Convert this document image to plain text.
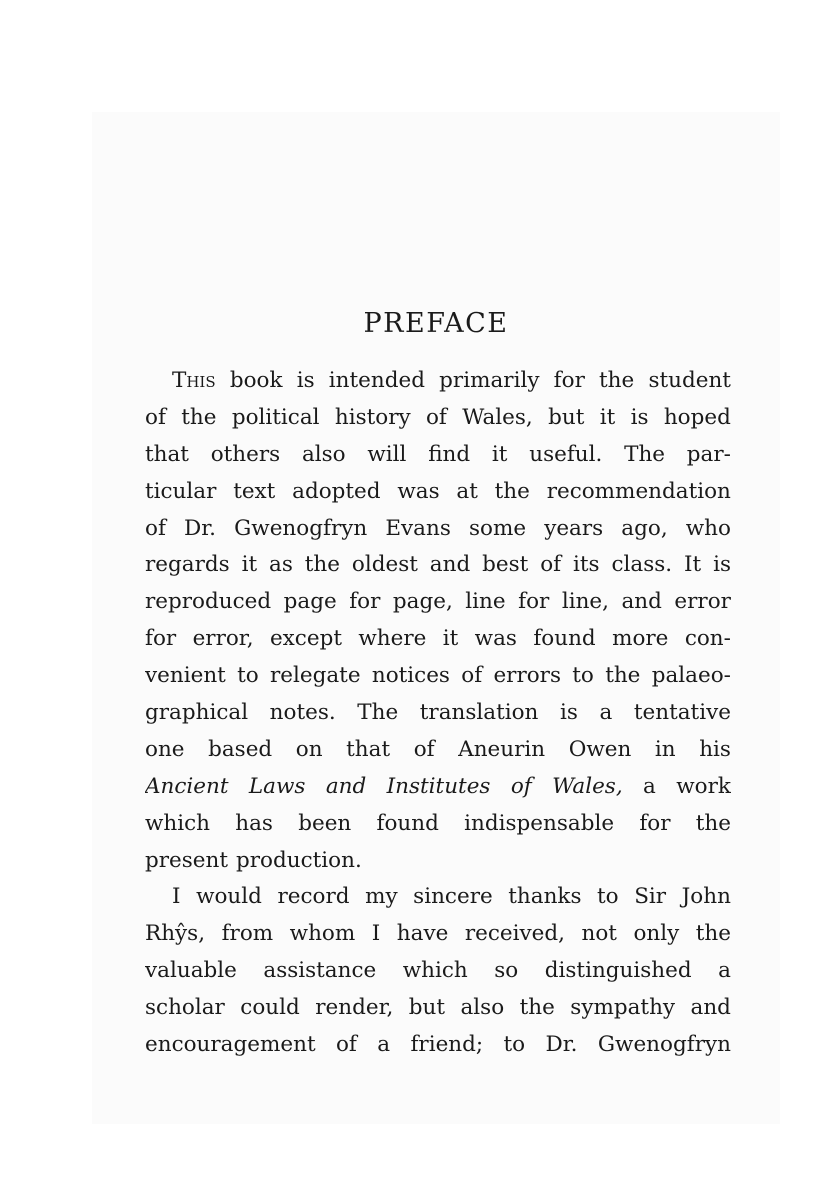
PREFACE
This book is intended primarily for the student
of the political history of Wales, but it is hoped
that others also will find it useful. The par-
ticular text adopted was at the recommendation
of Dr. Gwenogfryn Evans some years ago, who
regards it as the oldest and best of its class. It is
reproduced page for page, line for line, and error
for error, except where it was found more con-
venient to relegate notices of errors to the palaeo-
graphical notes. The translation is a tentative
one based on that of Aneurin Owen in his
Ancient Laws and Institutes of Wales, a work
which has been found indispensable for the
present production.
I would record my sincere thanks to Sir John
Rhŷs, from whom I have received, not only the
valuable assistance which so distinguished a
scholar could render, but also the sympathy and
encouragement of a friend; to Dr. Gwenogfryn
